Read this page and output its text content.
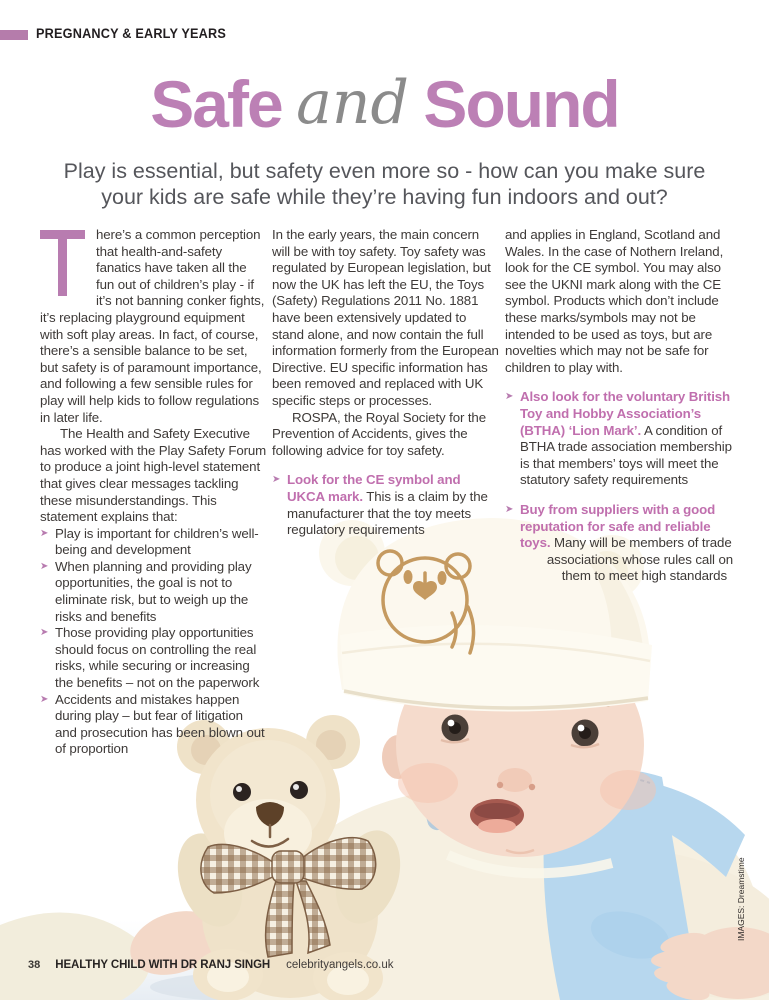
PREGNANCY & EARLY YEARS
Safe and Sound
Play is essential, but safety even more so - how can you make sure
your kids are safe while they’re having fun indoors and out?

here’s a common perception that health-and-safety fanatics have taken all the fun out of children’s play - if it’s not banning conker fights, it’s replacing playground equipment with soft play areas. In fact, of course, there’s a sensible balance to be set, but safety is of paramount importance, and following a few sensible rules for play will help kids to follow regulations in later life.

The Health and Safety Executive has worked with the Play Safety Forum to produce a joint high-level statement that gives clear messages tackling these misunderstandings. This statement explains that:

➤ Play is important for children’s well-being and development
➤ When planning and providing play opportunities, the goal is not to eliminate risk, but to weigh up the risks and benefits
➤ Those providing play opportunities should focus on controlling the real risks, while securing or increasing the benefits – not on the paperwork
➤ Accidents and mistakes happen during play – but fear of litigation and prosecution has been blown out of proportion

In the early years, the main concern will be with toy safety. Toy safety was regulated by European legislation, but now the UK has left the EU, the Toys (Safety) Regulations 2011 No. 1881 have been extensively updated to stand alone, and now contain the full information formerly from the European Directive. EU specific information has been removed and replaced with UK specific steps or processes.

ROSPA, the Royal Society for the Prevention of Accidents, gives the following advice for toy safety.

➤ Look for the CE symbol and UKCA mark. This is a claim by the manufacturer that the toy meets regulatory requirements

and applies in England, Scotland and Wales. In the case of Nothern Ireland, look for the CE symbol. You may also see the UKNI mark along with the CE symbol. Products which don’t include these marks/symbols may not be intended to be used as toys, but are novelties which may not be safe for children to play with.

➤ Also look for the voluntary British Toy and Hobby Association’s (BTHA) ‘Lion Mark’. A condition of BTHA trade association membership is that members’ toys will meet the statutory safety requirements
➤ Buy from suppliers with a good reputation for safe and reliable toys. Many will be members of trade
associations whose rules call on
them to meet high standards
IMAGES: Dreamstime
38 HEALTHY CHILD WITH DR RANJ SINGH celebrityangels.co.uk
